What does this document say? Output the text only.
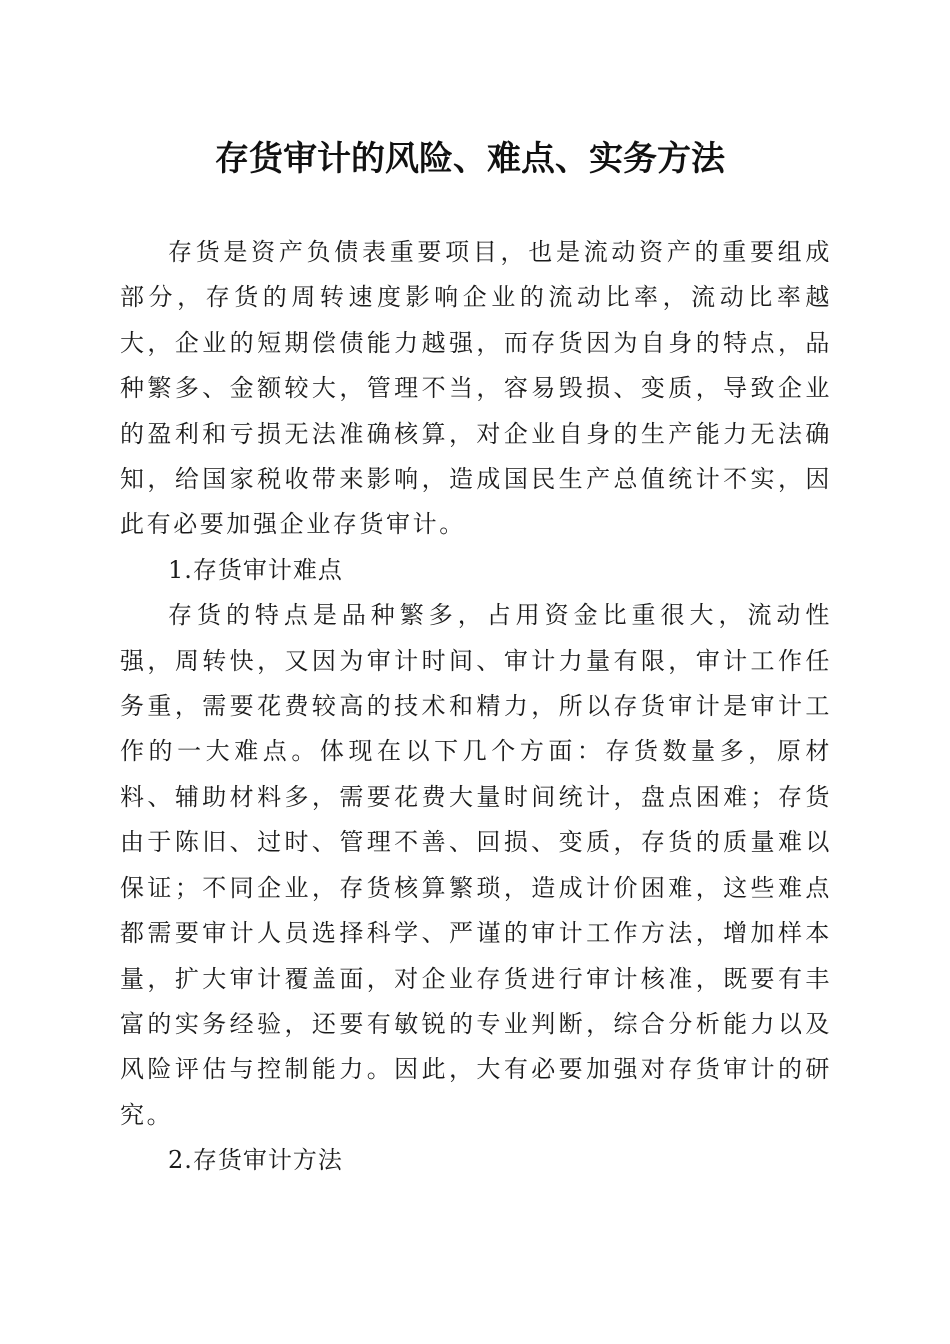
存货审计的风险、难点、实务方法

存货是资产负债表重要项目，也是流动资产的重要组成部分，存货的周转速度影响企业的流动比率，流动比率越大，企业的短期偿债能力越强，而存货因为自身的特点，品种繁多、金额较大，管理不当，容易毁损、变质，导致企业的盈利和亏损无法准确核算，对企业自身的生产能力无法确知，给国家税收带来影响，造成国民生产总值统计不实，因此有必要加强企业存货审计。

1.存货审计难点

存货的特点是品种繁多，占用资金比重很大，流动性强，周转快，又因为审计时间、审计力量有限，审计工作任务重，需要花费较高的技术和精力，所以存货审计是审计工作的一大难点。体现在以下几个方面：存货数量多，原材料、辅助材料多，需要花费大量时间统计，盘点困难；存货由于陈旧、过时、管理不善、回损、变质，存货的质量难以保证；不同企业，存货核算繁琐，造成计价困难，这些难点都需要审计人员选择科学、严谨的审计工作方法，增加样本量，扩大审计覆盖面，对企业存货进行审计核准，既要有丰富的实务经验，还要有敏锐的专业判断，综合分析能力以及风险评估与控制能力。因此，大有必要加强对存货审计的研究。

2.存货审计方法
